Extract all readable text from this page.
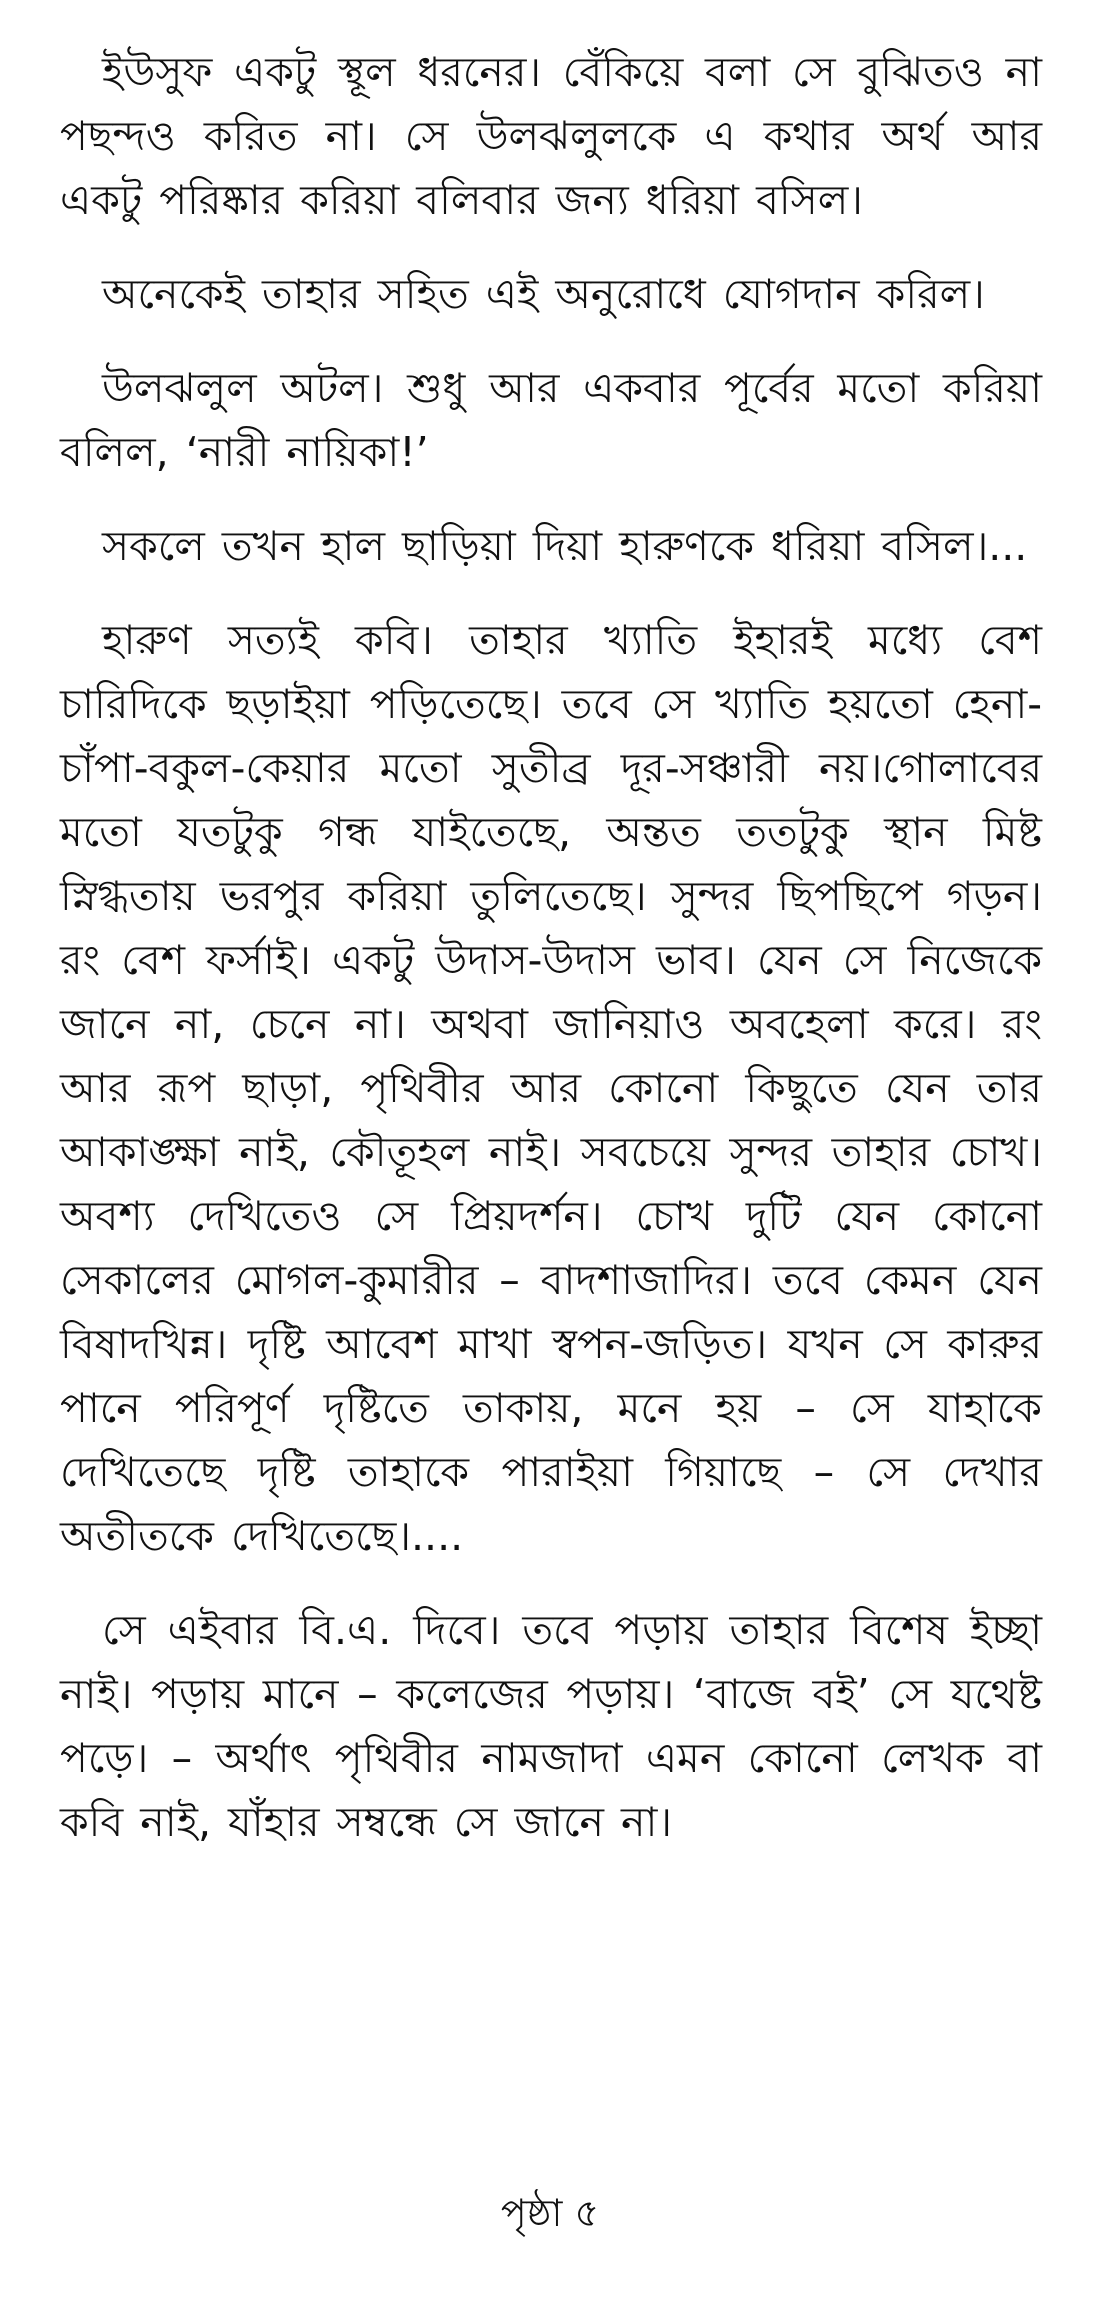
ইউসুফ একটু স্থূল ধরনের। বেঁকিয়ে বলা সে বুঝিতও না পছন্দও করিত না। সে উলঝলুলকে এ কথার অর্থ আর একটু পরিষ্কার করিয়া বলিবার জন্য ধরিয়া বসিল।

অনেকেই তাহার সহিত এই অনুরোধে যোগদান করিল।

উলঝলুল অটল। শুধু আর একবার পূর্বের মতো করিয়া বলিল, ‘নারী নায়িকা!’

সকলে তখন হাল ছাড়িয়া দিয়া হারুণকে ধরিয়া বসিল।...

হারুণ সত্যই কবি। তাহার খ্যাতি ইহারই মধ্যে বেশ চারিদিকে ছড়াইয়া পড়িতেছে। তবে সে খ্যাতি হয়তো হেনা-চাঁপা-বকুল-কেয়ার মতো সুতীব্র দূর-সঞ্চারী নয়।গোলাবের মতো যতটুকু গন্ধ যাইতেছে, অন্তত ততটুকু স্থান মিষ্ট স্নিগ্ধতায় ভরপুর করিয়া তুলিতেছে। সুন্দর ছিপছিপে গড়ন। রং বেশ ফর্সাই। একটু উদাস-উদাস ভাব। যেন সে নিজেকে জানে না, চেনে না। অথবা জানিয়াও অবহেলা করে। রং আর রূপ ছাড়া, পৃথিবীর আর কোনো কিছুতে যেন তার আকাঙ্ক্ষা নাই, কৌতূহল নাই। সবচেয়ে সুন্দর তাহার চোখ। অবশ্য দেখিতেও সে প্রিয়দর্শন। চোখ দুটি যেন কোনো সেকালের মোগল-কুমারীর – বাদশাজাদির। তবে কেমন যেন বিষাদখিন্ন। দৃষ্টি আবেশ মাখা স্বপন-জড়িত। যখন সে কারুর পানে পরিপূর্ণ দৃষ্টিতে তাকায়, মনে হয় – সে যাহাকে দেখিতেছে দৃষ্টি তাহাকে পারাইয়া গিয়াছে – সে দেখার অতীতকে দেখিতেছে।....

সে এইবার বি.এ. দিবে। তবে পড়ায় তাহার বিশেষ ইচ্ছা নাই। পড়ায় মানে – কলেজের পড়ায়। ‘বাজে বই’ সে যথেষ্ট পড়ে। – অর্থাৎ পৃথিবীর নামজাদা এমন কোনো লেখক বা কবি নাই, যাঁহার সম্বন্ধে সে জানে না।

পৃষ্ঠা ৫
